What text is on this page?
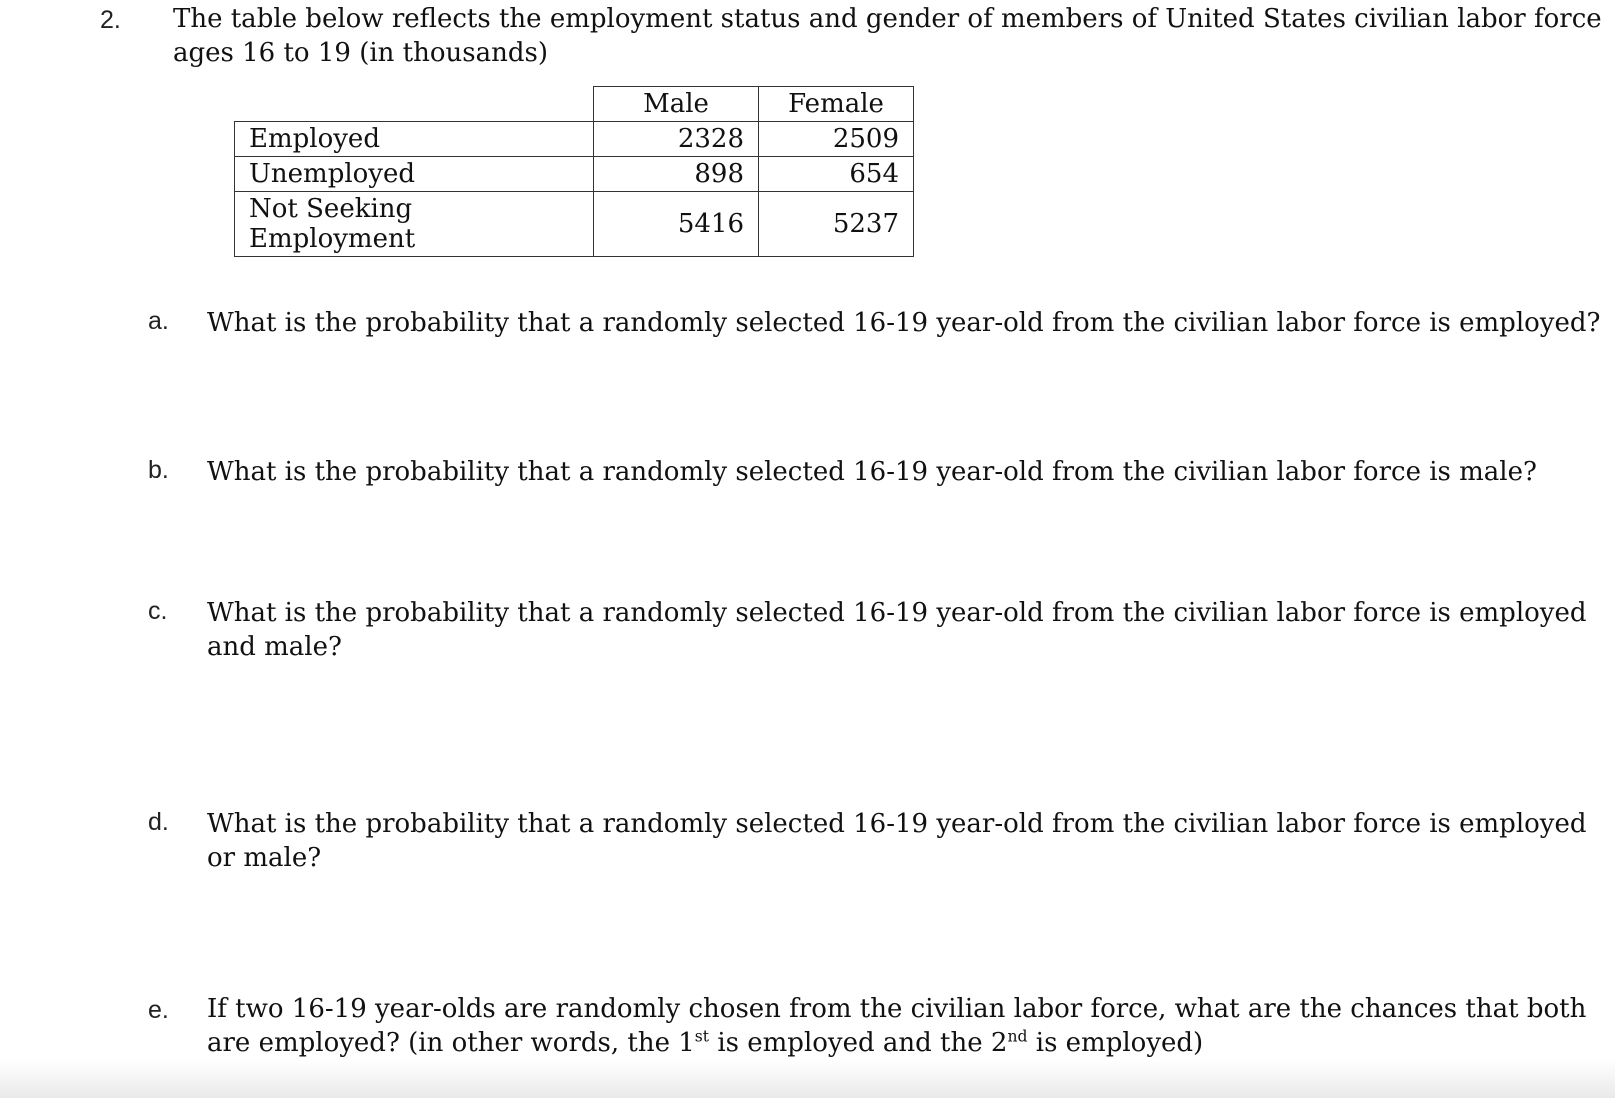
2. The table below reflects the employment status and gender of members of United States civilian labor force
ages 16 to 19 (in thousands)
	Male	Female
Employed	2328	2509
Unemployed	898	654
Not Seeking Employment	5416	5237
a. What is the probability that a randomly selected 16-19 year-old from the civilian labor force is employed?
b. What is the probability that a randomly selected 16-19 year-old from the civilian labor force is male?
c. What is the probability that a randomly selected 16-19 year-old from the civilian labor force is employed
and male?
d. What is the probability that a randomly selected 16-19 year-old from the civilian labor force is employed
or male?
e. If two 16-19 year-olds are randomly chosen from the civilian labor force, what are the chances that both
are employed? (in other words, the 1st is employed and the 2nd is employed)
